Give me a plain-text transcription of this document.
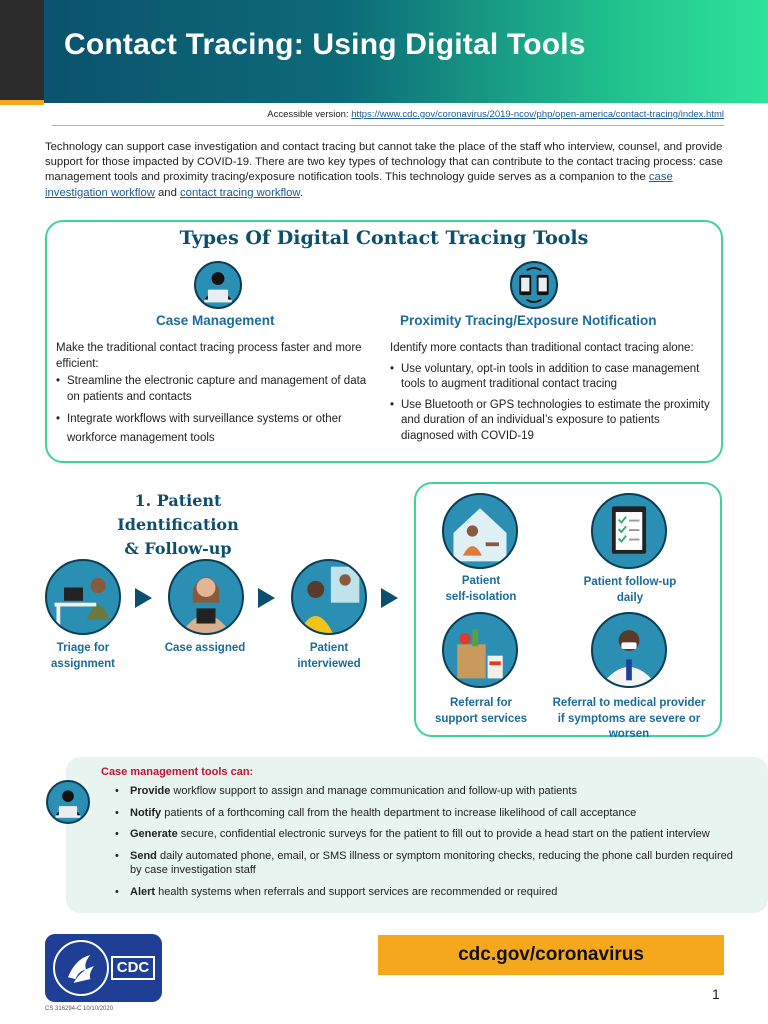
Contact Tracing: Using Digital Tools
Accessible version: https://www.cdc.gov/coronavirus/2019-ncov/php/open-america/contact-tracing/index.html

Technology can support case investigation and contact tracing but cannot take the place of the staff who interview, counsel, and provide support for those impacted by COVID-19. There are two key types of technology that can contribute to the contact tracing process: case management tools and proximity tracing/exposure notification tools. This technology guide serves as a companion to the case investigation workflow and contact tracing workflow.

Types Of Digital Contact Tracing Tools
Case Management	Proximity Tracing/Exposure Notification
Make the traditional contact tracing process faster and more efficient:
• Streamline the electronic capture and management of data on patients and contacts
• Integrate workflows with surveillance systems or other workforce management tools
Identify more contacts than traditional contact tracing alone:
• Use voluntary, opt-in tools in addition to case management tools to augment traditional contact tracing
• Use Bluetooth or GPS technologies to estimate the proximity and duration of an individual’s exposure to patients diagnosed with COVID-19
1. Patient Identification
& Follow-up
Triage for
assignment
Case assigned	Patient
interviewed
Patient
self-isolation
Patient follow-up
daily
Referral for
support services
Referral to medical provider
if symptoms are severe or worsen
Case management tools can:
• Provide workflow support to assign and manage communication and follow-up with patients
• Notify patients of a forthcoming call from the health department to increase likelihood of call acceptance
• Generate secure, confidential electronic surveys for the patient to fill out to provide a head start on the patient interview
• Send daily automated phone, email, or SMS illness or symptom monitoring checks, reducing the phone call burden required by case investigation staff
• Alert health systems when referrals and support services are recommended or required
CDC
CS 316294-C 10/10/2020
cdc.gov/coronavirus
1
